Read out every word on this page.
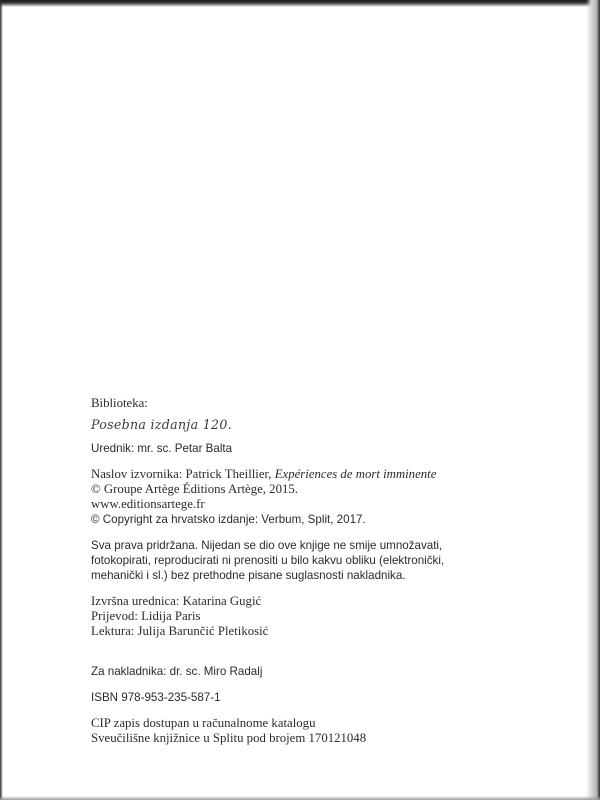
Biblioteka:
Posebna izdanja 120.
Urednik: mr. sc. Petar Balta
Naslov izvornika: Patrick Theillier, Expériences de mort imminente
© Groupe Artège Éditions Artège, 2015.
www.editionsartege.fr
© Copyright za hrvatsko izdanje: Verbum, Split, 2017.
Sva prava pridržana. Nijedan se dio ove knjige ne smije umnožavati,
fotokopirati, reproducirati ni prenositi u bilo kakvu obliku (elektronički,
mehanički i sl.) bez prethodne pisane suglasnosti nakladnika.
Izvršna urednica: Katarina Gugić
Prijevod: Lidija Paris
Lektura: Julija Barunčić Pletikosić
Za nakladnika: dr. sc. Miro Radalj
ISBN 978-953-235-587-1
CIP zapis dostupan u računalnome katalogu
Sveučilišne knjižnice u Splitu pod brojem 170121048
